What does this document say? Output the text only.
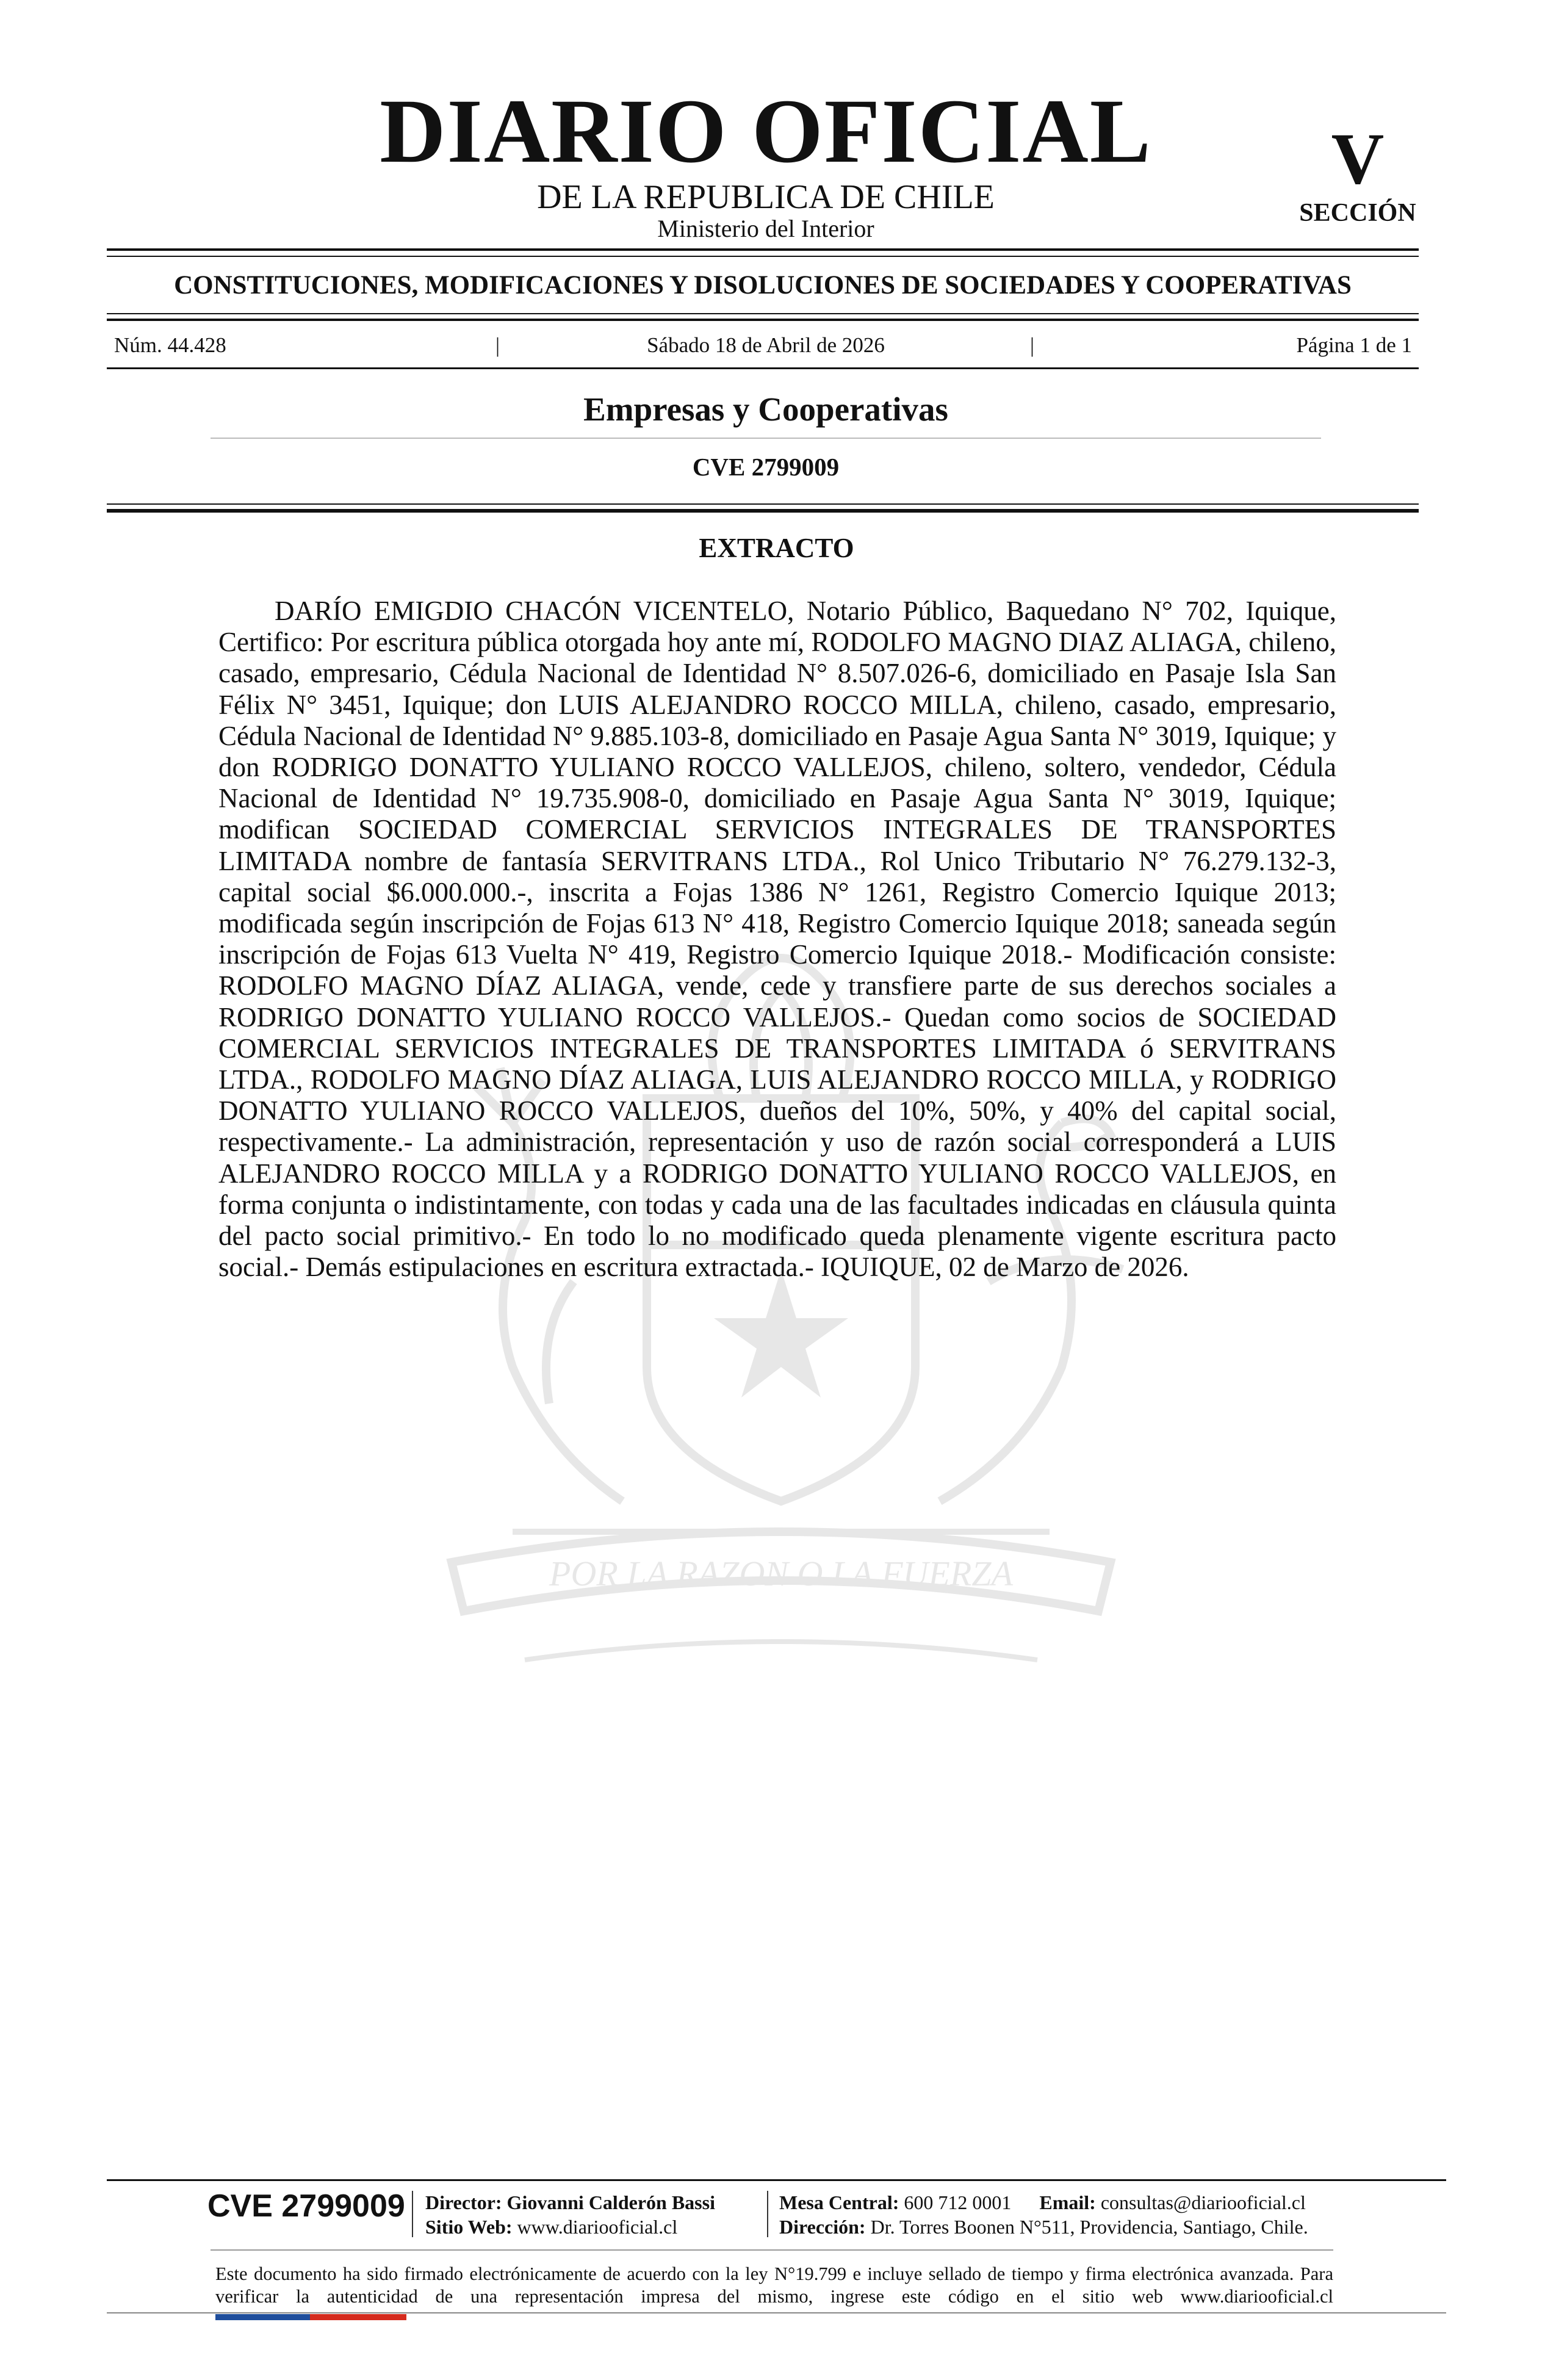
POR LA RAZON O LA FUERZA
DIARIO OFICIAL
DE LA REPUBLICA DE CHILE
Ministerio del Interior
V
SECCIÓN
CONSTITUCIONES, MODIFICACIONES Y DISOLUCIONES DE SOCIEDADES Y COOPERATIVAS
Núm. 44.428	|	Sábado 18 de Abril de 2026	|	Página 1 de 1
Empresas y Cooperativas
CVE 2799009
EXTRACTO
DARÍO EMIGDIO CHACÓN VICENTELO, Notario Público, Baquedano N° 702, Iquique, Certifico: Por escritura pública otorgada hoy ante mí, RODOLFO MAGNO DIAZ ALIAGA, chileno, casado, empresario, Cédula Nacional de Identidad N° 8.507.026-6, domiciliado en Pasaje Isla San Félix N° 3451, Iquique; don LUIS ALEJANDRO ROCCO MILLA, chileno, casado, empresario, Cédula Nacional de Identidad N° 9.885.103-8, domiciliado en Pasaje Agua Santa N° 3019, Iquique; y don RODRIGO DONATTO YULIANO ROCCO VALLEJOS, chileno, soltero, vendedor, Cédula Nacional de Identidad N° 19.735.908-0, domiciliado en Pasaje Agua Santa N° 3019, Iquique; modifican SOCIEDAD COMERCIAL SERVICIOS INTEGRALES DE TRANSPORTES LIMITADA nombre de fantasía SERVITRANS LTDA., Rol Unico Tributario N° 76.279.132-3, capital social $6.000.000.-, inscrita a Fojas 1386 N° 1261, Registro Comercio Iquique 2013; modificada según inscripción de Fojas 613 N° 418, Registro Comercio Iquique 2018; saneada según inscripción de Fojas 613 Vuelta N° 419, Registro Comercio Iquique 2018.- Modificación consiste: RODOLFO MAGNO DÍAZ ALIAGA, vende, cede y transfiere parte de sus derechos sociales a RODRIGO DONATTO YULIANO ROCCO VALLEJOS.- Quedan como socios de SOCIEDAD COMERCIAL SERVICIOS INTEGRALES DE TRANSPORTES LIMITADA ó SERVITRANS LTDA., RODOLFO MAGNO DÍAZ ALIAGA, LUIS ALEJANDRO ROCCO MILLA, y RODRIGO DONATTO YULIANO ROCCO VALLEJOS, dueños del 10%, 50%, y 40% del capital social, respectivamente.- La administración, representación y uso de razón social corresponderá a LUIS ALEJANDRO ROCCO MILLA y a RODRIGO DONATTO YULIANO ROCCO VALLEJOS, en forma conjunta o indistintamente, con todas y cada una de las facultades indicadas en cláusula quinta del pacto social primitivo.- En todo lo no modificado queda plenamente vigente escritura pacto social.- Demás estipulaciones en escritura extractada.- IQUIQUE, 02 de Marzo de 2026.
CVE 2799009 Director: Giovanni Calderón Bassi
Sitio Web: www.diariooficial.cl
Mesa Central: 600 712 0001 Email: consultas@diariooficial.cl
Dirección: Dr. Torres Boonen N°511, Providencia, Santiago, Chile.
Este documento ha sido firmado electrónicamente de acuerdo con la ley N°19.799 e incluye sellado de tiempo y firma electrónica avanzada. Para verificar la autenticidad de una representación impresa del mismo, ingrese este código en el sitio web www.diariooficial.cl
